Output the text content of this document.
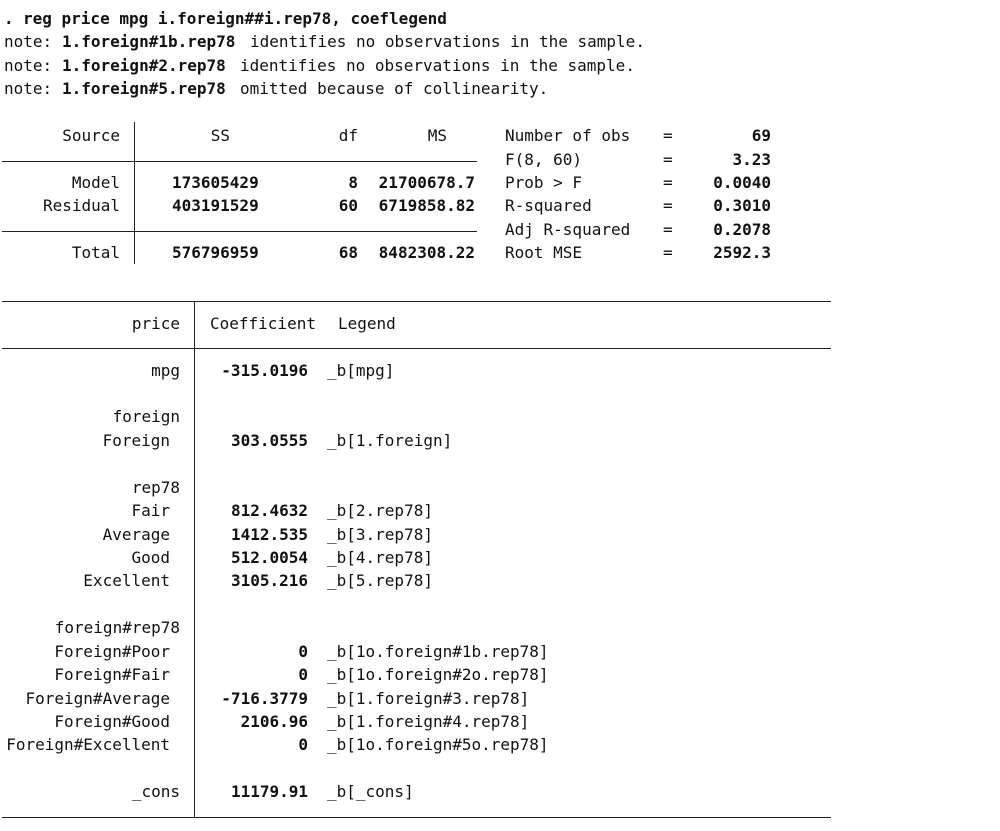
. reg price mpg i.foreign##i.rep78, coeflegend
note: 1.foreign#1b.rep78 identifies no observations in the sample.
note: 1.foreign#2.rep78 identifies no observations in the sample.
note: 1.foreign#5.rep78 omitted because of collinearity.
Source	SS	df	MS
Model	173605429	8	21700678.7
Residual	403191529	60	6719858.82
Total	576796959	68	8482308.22
Number of obs =	69
F(8, 60)	=	3.23
Prob > F	=	0.0040
R-squared	=	0.3010
Adj R-squared =	0.2078
Root MSE	=	2592.3
price Coefficient Legend
mpg	-315.0196 _b[mpg]
foreign
Foreign	303.0555 _b[1.foreign]
rep78
Fair	812.4632 _b[2.rep78]
Average	1412.535 _b[3.rep78]
Good	512.0054 _b[4.rep78]
Excellent	3105.216 _b[5.rep78]
foreign#rep78
Foreign#Poor	0 _b[1o.foreign#1b.rep78]
Foreign#Fair	0 _b[1o.foreign#2o.rep78]
Foreign#Average	-716.3779 _b[1.foreign#3.rep78]
Foreign#Good	2106.96 _b[1.foreign#4.rep78]
Foreign#Excellent	0 _b[1o.foreign#5o.rep78]
_cons	11179.91 _b[_cons]
